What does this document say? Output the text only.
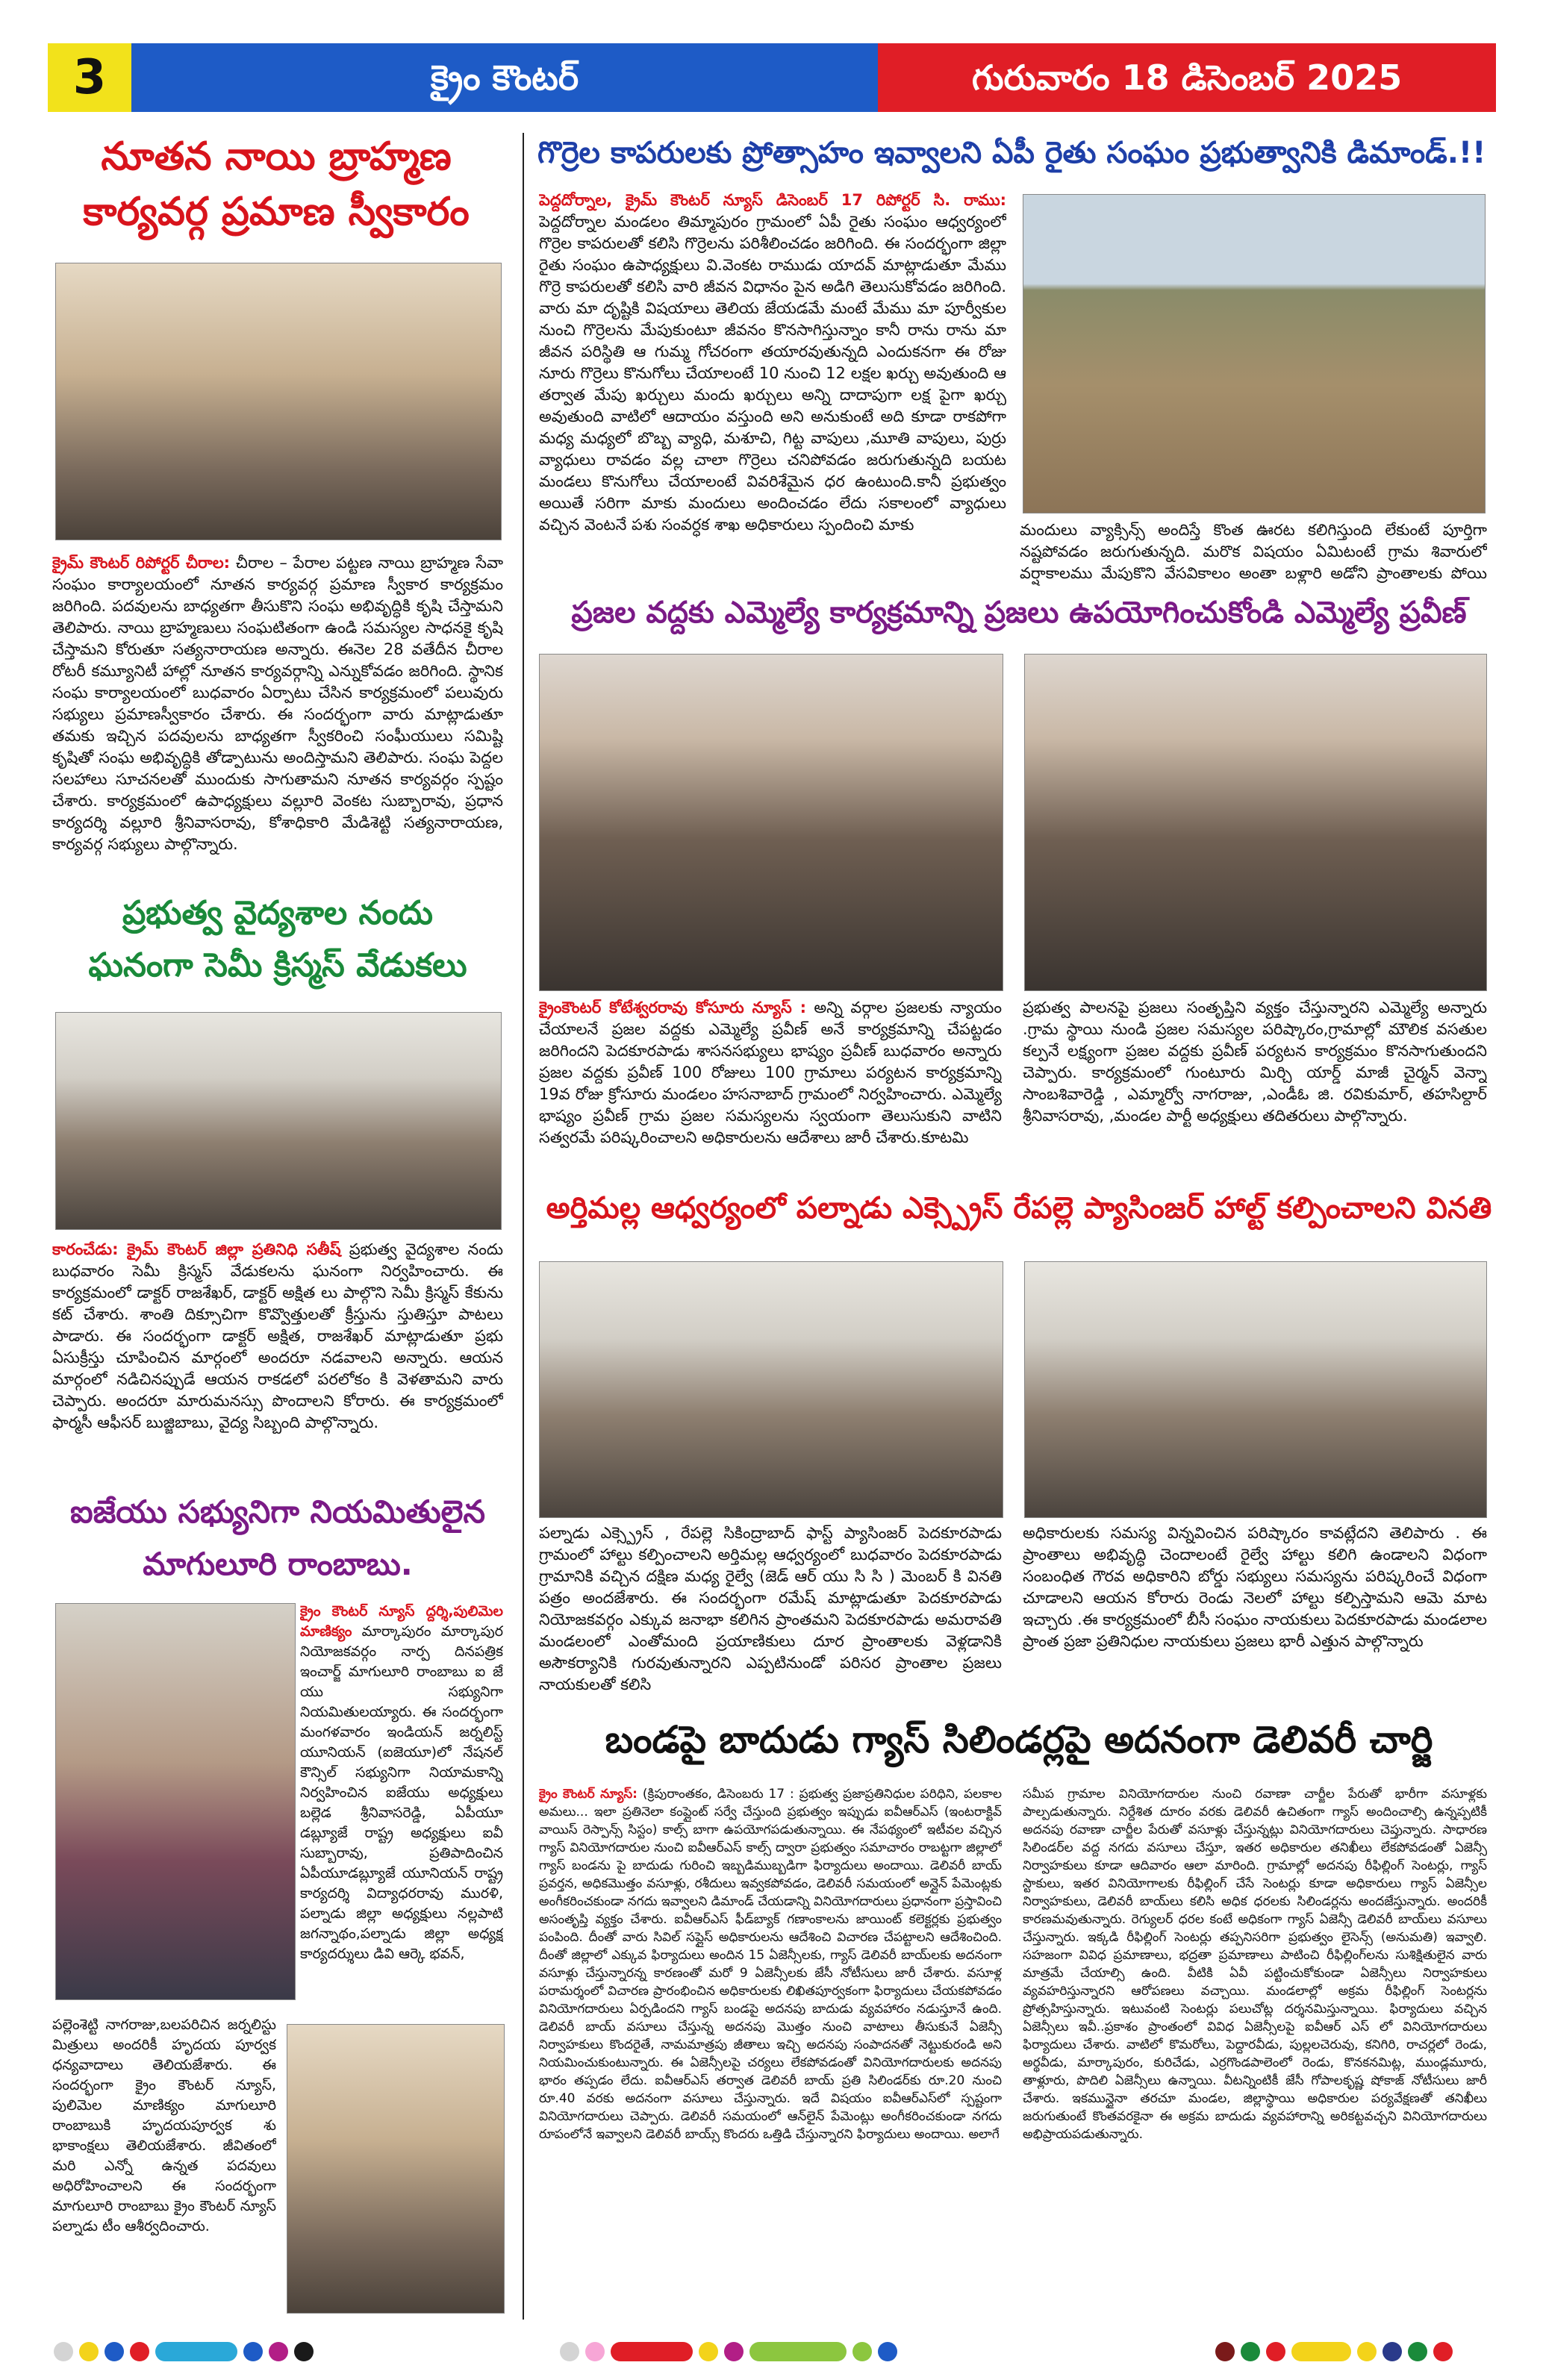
3	క్రైం కౌంటర్	గురువారం 18 డిసెంబర్ 2025
నూతన నాయి బ్రాహ్మణ
కార్యవర్గ ప్రమాణ స్వీకారం
క్రైమ్ కౌంటర్ రిపోర్టర్ చీరాల: చీరాల – పేరాల పట్టణ నాయి బ్రాహ్మణ సేవా సంఘం కార్యాలయంలో నూతన కార్యవర్గ ప్రమాణ స్వీకార కార్యక్రమం జరిగింది. పదవులను బాధ్యతగా తీసుకొని సంఘ అభివృద్ధికి కృషి చేస్తామని తెలిపారు. నాయి బ్రాహ్మణులు సంఘటితంగా ఉండి సమస్యల సాధనకై కృషి చేస్తామని కోరుతూ సత్యనారాయణ అన్నారు. ఈనెల 28 వతేదీన చీరాల రోటరీ కమ్యూనిటీ హాల్లో నూతన కార్యవర్గాన్ని ఎన్నుకోవడం జరిగింది. స్థానిక సంఘ కార్యాలయంలో బుధవారం ఏర్పాటు చేసిన కార్యక్రమంలో పలువురు సభ్యులు ప్రమాణస్వీకారం చేశారు. ఈ సందర్భంగా వారు మాట్లాడుతూ తమకు ఇచ్చిన పదవులను బాధ్యతగా స్వీకరించి సంఘీయులు సమిష్టి కృషితో సంఘ అభివృద్ధికి తోడ్పాటును అందిస్తామని తెలిపారు. సంఘ పెద్దల సలహాలు సూచనలతో ముందుకు సాగుతామని నూతన కార్యవర్గం స్పష్టం చేశారు. కార్యక్రమంలో ఉపాధ్యక్షులు వల్లూరి వెంకట సుబ్బారావు, ప్రధాన కార్యదర్శి వల్లూరి శ్రీనివాసరావు, కోశాధికారి మేడిశెట్టి సత్యనారాయణ, కార్యవర్గ సభ్యులు పాల్గొన్నారు.
ప్రభుత్వ వైద్యశాల నందు
ఘనంగా సెమీ క్రిస్మస్ వేడుకలు
కారంచేడు: క్రైమ్ కౌంటర్ జిల్లా ప్రతినిధి సతీష్ ప్రభుత్వ వైద్యశాల నందు బుధవారం సెమీ క్రిస్మస్ వేడుకలను ఘనంగా నిర్వహించారు. ఈ కార్యక్రమంలో డాక్టర్ రాజశేఖర్, డాక్టర్ అక్షిత లు పాల్గొని సెమీ క్రిస్మస్ కేకును కట్ చేశారు. శాంతి దిక్సూచిగా కొవ్వొత్తులతో క్రీస్తును స్తుతిస్తూ పాటలు పాడారు. ఈ సందర్భంగా డాక్టర్ అక్షిత, రాజశేఖర్ మాట్లాడుతూ ప్రభు ఏసుక్రీస్తు చూపించిన మార్గంలో అందరూ నడవాలని అన్నారు. ఆయన మార్గంలో నడిచినప్పుడే ఆయన రాకడలో పరలోకం కి వెళతామని వారు చెప్పారు. అందరూ మారుమనస్సు పొందాలని కోరారు. ఈ కార్యక్రమంలో ఫార్మసీ ఆఫీసర్ బుజ్జిబాబు, వైద్య సిబ్బంది పాల్గొన్నారు.
ఐజేయు సభ్యునిగా నియమితులైన
మాగులూరి రాంబాబు.
క్రైం కౌంటర్ న్యూస్ ద్దర్శి,పులిమెల మాణిక్యం మార్కాపురం మార్కాపుర నియోజకవర్గం నార్ప దినపత్రిక ఇంచార్జ్ మాగులూరి రాంబాబు ఐ జే యు సభ్యునిగా నియమితులయ్యారు. ఈ సందర్భంగా మంగళవారం ఇండియన్ జర్నలిస్ట్ యూనియన్ (ఐజెయూ)లో నేషనల్ కౌన్సిల్ సభ్యునిగా నియామకాన్ని నిర్వహించిన ఐజేయు అధ్యక్షులు బల్లెడ శ్రీనివాసరెడ్డి, ఏపీయూ డబ్ల్యూజే రాష్ట్ర అధ్యక్షులు ఐవీ సుబ్బారావు, ప్రతిపాదించిన ఏపీయూడబ్ల్యూజే యూనియన్ రాష్ట్ర కార్యదర్శి విద్యాధరరావు మురళి, పల్నాడు జిల్లా అధ్యక్షులు నల్లపాటి జగన్నాథం,పల్నాడు జిల్లా అధ్యక్ష కార్యదర్శులు డివి ఆర్కె భవన్,
పల్లెంశెట్టి నాగరాజు,బలపరిచిన జర్నలిస్టు మిత్రులు అందరికీ హృదయ పూర్వక ధన్యవాదాలు తెలియజేశారు. ఈ సందర్భంగా క్రైం కౌంటర్ న్యూస్, పులిమెల మాణిక్యం మాగులూరి రాంబాబుకి హృదయపూర్వక శు భాకాంక్షలు తెలియజేశారు. జీవితంలో మరి ఎన్నో ఉన్నత పదవులు అధిరోహించాలని ఈ సందర్భంగా మాగులూరి రాంబాబు క్రైం కౌంటర్ న్యూస్ పల్నాడు టీం ఆశీర్వదించారు.
గొర్రెల కాపరులకు ప్రోత్సాహం ఇవ్వాలని ఏపీ రైతు సంఘం ప్రభుత్వానికి డిమాండ్.!!
పెద్దదోర్నాల, క్రైమ్ కౌంటర్ న్యూస్ డిసెంబర్ 17 రిపోర్టర్ సి. రాము: పెద్దదోర్నాల మండలం తిమ్మాపురం గ్రామంలో ఏపీ రైతు సంఘం ఆధ్వర్యంలో గొర్రెల కాపరులతో కలిసి గొర్రెలను పరిశీలించడం జరిగింది. ఈ సందర్భంగా జిల్లా రైతు సంఘం ఉపాధ్యక్షులు వి.వెంకట రాముడు యాదవ్ మాట్లాడుతూ మేము గొర్రె కాపరులతో కలిసి వారి జీవన విధానం పైన అడిగి తెలుసుకోవడం జరిగింది. వారు మా దృష్టికి విషయాలు తెలియ జేయడమే మంటే మేము మా పూర్వీకుల నుంచి గొర్రెలను మేపుకుంటూ జీవనం కొనసాగిస్తున్నాం కానీ రాను రాను మా జీవన పరిస్థితి ఆ గుమ్మ గోచరంగా తయారవుతున్నది ఎందుకనగా ఈ రోజు నూరు గొర్రెలు కొనుగోలు చేయాలంటే 10 నుంచి 12 లక్షల ఖర్చు అవుతుంది ఆ తర్వాత మేపు ఖర్చులు మందు ఖర్చులు అన్ని దాదాపుగా లక్ష పైగా ఖర్చు అవుతుంది వాటిలో ఆదాయం వస్తుంది అని అనుకుంటే అది కూడా రాకపోగా మధ్య మధ్యలో బొబ్బ వ్యాధి, మశూచి, గిట్ట వాపులు ,మూతి వాపులు, పుర్రు వ్యాధులు రావడం వల్ల చాలా గొర్రెలు చనిపోవడం జరుగుతున్నది బయట మండలు కొనుగోలు చేయాలంటే వివరిశేమైన ధర ఉంటుంది.కానీ ప్రభుత్వం అయితే సరిగా మాకు మందులు అందించడం లేదు సకాలంలో వ్యాధులు వచ్చిన వెంటనే పశు సంవర్ధక శాఖ అధికారులు స్పందించి మాకు	మందులు వ్యాక్సిన్స్ అందిస్తే కొంత ఊరట కలిగిస్తుంది లేకుంటే పూర్తిగా నష్టపోవడం జరుగుతున్నది. మరొక విషయం ఏమిటంటే గ్రామ శివారులో వర్షాకాలము మేపుకొని వేసవికాలం అంతా బళ్లారి అడోని ప్రాంతాలకు పోయి
ప్రజల వద్దకు ఎమ్మెల్యే కార్యక్రమాన్ని ప్రజలు ఉపయోగించుకోండి ఎమ్మెల్యే ప్రవీణ్
క్రైంకౌంటర్ కోటేశ్వరరావు కోసూరు న్యూస్ : అన్ని వర్గాల ప్రజలకు న్యాయం చేయాలనే ప్రజల వద్దకు ఎమ్మెల్యే ప్రవీణ్ అనే కార్యక్రమాన్ని చేపట్టడం జరిగిందని పెదకూరపాడు శాసనసభ్యులు భాష్యం ప్రవీణ్ బుధవారం అన్నారు ప్రజల వద్దకు ప్రవీణ్ 100 రోజులు 100 గ్రామాలు పర్యటన కార్యక్రమాన్ని 19వ రోజు క్రోసూరు మండలం హసనాబాద్ గ్రామంలో నిర్వహించారు. ఎమ్మెల్యే భాష్యం ప్రవీణ్ గ్రామ ప్రజల సమస్యలను స్వయంగా తెలుసుకుని వాటిని సత్వరమే పరిష్కరించాలని అధికారులను ఆదేశాలు జారీ చేశారు.కూటమి
ప్రభుత్వ పాలనపై ప్రజలు సంతృప్తిని వ్యక్తం చేస్తున్నారని ఎమ్మెల్యే అన్నారు .గ్రామ స్థాయి నుండి ప్రజల సమస్యల పరిష్కారం,గ్రామాల్లో మౌలిక వసతుల కల్పనే లక్ష్యంగా ప్రజల వద్దకు ప్రవీణ్ పర్యటన కార్యక్రమం కొనసాగుతుందని చెప్పారు. కార్యక్రమంలో గుంటూరు మిర్చి యార్డ్ మాజీ చైర్మన్ వెన్నా సాంబశివారెడ్డి , ఎమ్మార్వో నాగరాజు, ,ఎండీఓ జి. రవికుమార్, తహసిల్దార్ శ్రీనివాసరావు, ,మండల పార్టీ అధ్యక్షులు తదితరులు పాల్గొన్నారు.
అర్తిమల్ల ఆధ్వర్యంలో పల్నాడు ఎక్స్ప్రెస్ రేపల్లె ప్యాసింజర్ హాల్ట్ కల్పించాలని వినతి
పల్నాడు ఎక్స్ప్రెస్ , రేపల్లె సికింద్రాబాద్ ఫాస్ట్ ప్యాసింజర్ పెదకూరపాడు గ్రామంలో హాల్టు కల్పించాలని అర్తిమల్ల ఆధ్వర్యంలో బుధవారం పెదకూరపాడు గ్రామానికి వచ్చిన దక్షిణ మధ్య రైల్వే (జెడ్ ఆర్ యు సి సి ) మెంబర్ కి వినతి పత్రం అందజేశారు. ఈ సందర్భంగా రమేష్ మాట్లాడుతూ పెదకూరపాడు నియోజకవర్గం ఎక్కువ జనాభా కలిగిన ప్రాంతమని పెదకూరపాడు అమరావతి మండలంలో ఎంతోమంది ప్రయాణికులు దూర ప్రాంతాలకు వెళ్లడానికి అసౌకర్యానికి గురవుతున్నారని ఎప్పటినుండో పరిసర ప్రాంతాల ప్రజలు నాయకులతో కలిసి
అధికారులకు సమస్య విన్నవించిన పరిష్కారం కావట్లేదని తెలిపారు . ఈ ప్రాంతాలు అభివృద్ధి చెందాలంటే రైల్వే హాల్టు కలిగి ఉండాలని విధంగా సంబంధిత గౌరవ అధికారిని బోర్డు సభ్యులు సమస్యను పరిష్కరించే విధంగా చూడాలని ఆయన కోరారు రెండు నెలలో హాల్టు కల్పిస్తామని ఆమె మాట ఇచ్చారు .ఈ కార్యక్రమంలో బీసీ సంఘం నాయకులు పెదకూరపాడు మండలాల ప్రాంత ప్రజా ప్రతినిధుల నాయకులు ప్రజలు భారీ ఎత్తున పాల్గొన్నారు
బండపై బాదుడు గ్యాస్ సిలిండర్లపై అదనంగా డెలివరీ చార్జి
క్రైం కౌంటర్ న్యూస్: (క్రిపురాంతకం, డిసెంబరు 17 : ప్రభుత్వ ప్రజాప్రతినిధుల పరిధిని, పలకాల అమలు... ఇలా ప్రతినెలా కంప్లైంట్ సర్వే చేస్తుంది ప్రభుత్వం ఇప్పుడు ఐవీఆర్ఎస్ (ఇంటరాక్టివ్ వాయిస్ రెస్పాన్స్ సిస్టం) కాల్స్ బాగా ఉపయోగపడుతున్నాయి. ఈ నేపథ్యంలో ఇటీవల వచ్చిన గ్యాస్ వినియోగదారుల నుంచి ఐవీఆర్ఎస్ కాల్స్ ద్వారా ప్రభుత్వం సమాచారం రాబట్టగా జిల్లాలో గ్యాస్ బండను పై బాదుడు గురించి ఇబ్బడిముబ్బడిగా ఫిర్యాదులు అందాయి. డెలివరీ బాయ్ ప్రవర్తన, అధికమొత్తం వసూళ్లు, రశీదులు ఇవ్వకపోవడం, డెలివరీ సమయంలో అన్లైన్ పేమెంట్లకు అంగీకరించకుండా నగదు ఇవ్వాలని డిమాండ్ చేయడాన్ని వినియోగదారులు ప్రధానంగా ప్రస్తావించి అసంతృప్తి వ్యక్తం చేశారు. ఐవీఆర్ఎస్ ఫీడ్‌బ్యాక్ గణాంకాలను జాయింట్ కలెక్టర్లకు ప్రభుత్వం పంపింది. దీంతో వారు సివిల్ సప్లైస్ అధికారులను ఆదేశించి విచారణ చేపట్టాలని ఆదేశించింది. దీంతో జిల్లాలో ఎక్కువ ఫిర్యాదులు అందిన 15 ఏజెన్సీలకు, గ్యాస్ డెలివరీ బాయ్‌లకు అదనంగా వసూళ్లు చేస్తున్నారన్న కారణంతో మరో 9 ఏజెన్సీలకు జేసీ నోటీసులు జారీ చేశారు. వసూళ్ల పరామర్శంలో విచారణ ప్రారంభించిన అధికారులకు లిఖితపూర్వకంగా ఫిర్యాదులు చేయకపోవడం వినియోగదారులు ఏర్పడిందని గ్యాస్ బండపై అదనపు బాదుడు వ్యవహారం నడుస్తూనే ఉంది. డెలివరీ బాయ్ వసూలు చేస్తున్న అదనపు మొత్తం నుంచి వాటాలు తీసుకునే ఏజెన్సీ నిర్వాహకులు కొందరైతే, నామమాత్రపు జీతాలు ఇచ్చి అదనపు సంపాదనతో నెట్టుకురండి అని నియమించుకుంటున్నారు. ఈ ఏజెన్సీలపై చర్యలు లేకపోవడంతో వినియోగదారులకు అదనపు భారం తప్పడం లేదు. ఐవీఆర్ఎస్ తర్వాత డెలివరీ బాయ్ ప్రతి సిలిండర్‌కు రూ.20 నుంచి రూ.40 వరకు అదనంగా వసూలు చేస్తున్నారు. ఇదే విషయం ఐవీఆర్ఎస్‌లో స్పష్టంగా వినియోగదారులు చెప్పారు. డెలివరీ సమయంలో ఆన్‌లైన్ పేమెంట్లు అంగీకరించకుండా నగదు రూపంలోనే ఇవ్వాలని డెలివరీ బాయ్స్ కొందరు ఒత్తిడి చేస్తున్నారని ఫిర్యాదులు అందాయి. అలాగే
సమీప గ్రామాల వినియోగదారుల నుంచి రవాణా చార్జీల పేరుతో భారీగా వసూళ్లకు పాల్పడుతున్నారు. నిర్దేశిత దూరం వరకు డెలివరీ ఉచితంగా గ్యాస్ అందించాల్సి ఉన్నప్పటికీ అదనపు రవాణా చార్జీల పేరుతో వసూళ్లు చేస్తున్నట్లు వినియోగదారులు చెప్తున్నారు. సాధారణ సిలిండర్‌ల వద్ద నగదు వసూలు చేస్తూ, ఇతర అధికారుల తనిఖీలు లేకపోవడంతో ఏజెన్సీ నిర్వాహకులు కూడా ఆదివారం ఆలా మారింది. గ్రామాల్లో అదనపు రీఫిల్లింగ్ సెంటర్లు, గ్యాస్ స్టాకులు, ఇతర వినియోగాలకు రీఫిల్లింగ్ చేసే సెంటర్లు కూడా అధికారులు గ్యాస్ ఏజెన్సీల నిర్వాహకులు, డెలివరీ బాయ్‌లు కలిసి అధిక ధరలకు సిలిండర్లను అందజేస్తున్నారు. అందరికీ కారణమవుతున్నారు. రెగ్యులర్ ధరల కంటే అధికంగా గ్యాస్ ఏజెన్సీ డెలివరీ బాయ్‌లు వసూలు చేస్తున్నారు. ఇక్కడి రీఫిల్లింగ్ సెంటర్లు తప్పనిసరిగా ప్రభుత్వం లైసెన్స్ (అనుమతి) ఇవ్వాలి. సహజంగా వివిధ ప్రమాణాలు, భద్రతా ప్రమాణాలు పాటించి రీఫిల్లింగ్‌లను సుశిక్షితులైన వారు మాత్రమే చేయాల్సి ఉంది. వీటికి ఏవీ పట్టించుకోకుండా ఏజెన్సీలు నిర్వాహకులు వ్యవహరిస్తున్నారని ఆరోపణలు వచ్చాయి. మండలాల్లో అక్రమ రీఫిల్లింగ్ సెంటర్లను ప్రోత్సహిస్తున్నారు. ఇటువంటి సెంటర్లు పలుచోట్ల దర్శనమిస్తున్నాయి. ఫిర్యాదులు వచ్చిన ఏజెన్సీలు ఇవీ..ప్రకాశం ప్రాంతంలో వివిధ ఏజెన్సీలపై ఐవీఆర్ ఎస్ లో వినియోగదారులు ఫిర్యాదులు చేశారు. వాటిలో కొమరోలు, పెద్దారవీడు, పుల్లలచెరువు, కనిగిరి, రాచర్లలో రెండు, అర్థవీడు, మార్కాపురం, కురిచేడు, ఎర్రగొండపాలెంలో రెండు, కొనకనమిట్ల, ముండ్లమూరు, తాళ్లూరు, పొదిలి ఏజెన్సీలు ఉన్నాయి. వీటన్నింటికీ జేసీ గోపాలకృష్ణ షోకాజ్ నోటీసులు జారీ చేశారు. ఇకమున్దైనా తరచూ మండల, జిల్లాస్థాయి అధికారుల పర్యవేక్షణతో తనిఖీలు జరుగుతుంటే కొంతవరకైనా ఈ అక్రమ బాదుడు వ్యవహారాన్ని అరికట్టవచ్చని వినియోగదారులు అభిప్రాయపడుతున్నారు.
